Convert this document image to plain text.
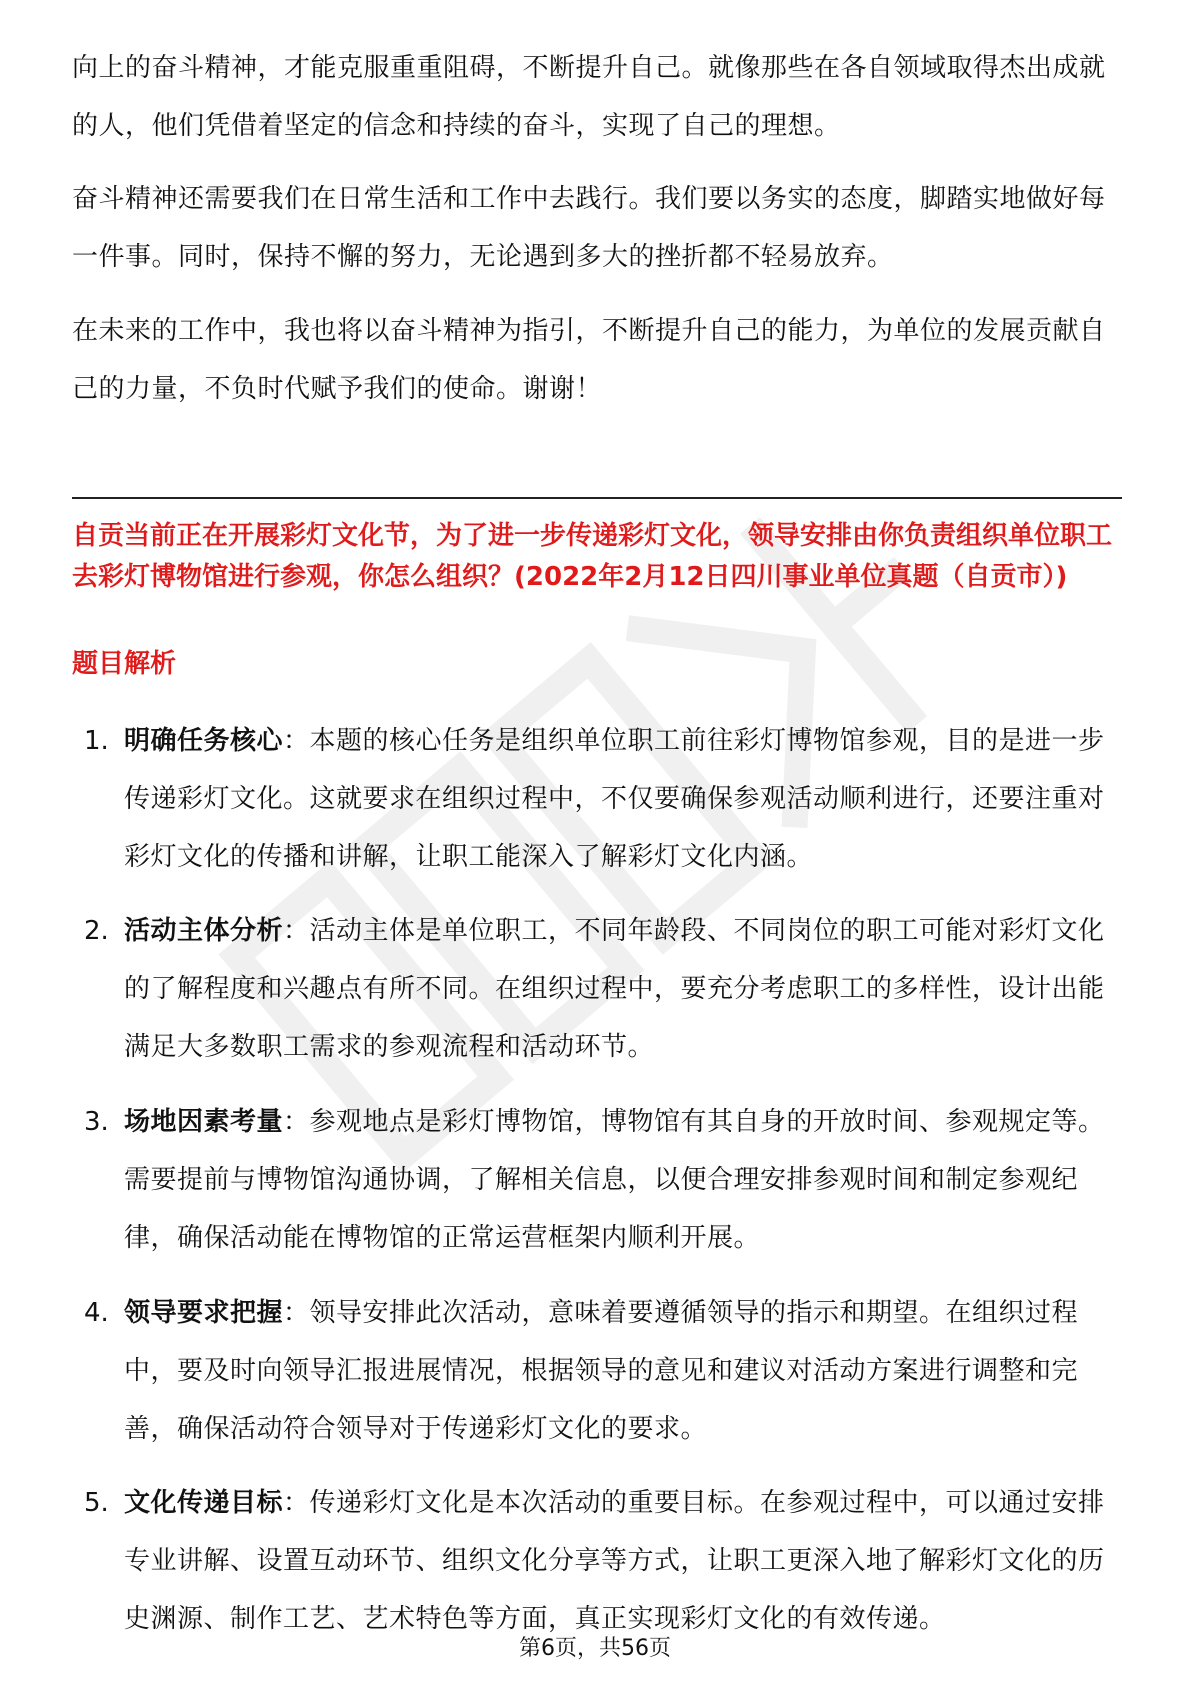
向上的奋斗精神，才能克服重重阻碍，不断提升自己。就像那些在各自领域取得杰出成就的人，他们凭借着坚定的信念和持续的奋斗，实现了自己的理想。

奋斗精神还需要我们在日常生活和工作中去践行。我们要以务实的态度，脚踏实地做好每一件事。同时，保持不懈的努力，无论遇到多大的挫折都不轻易放弃。

在未来的工作中，我也将以奋斗精神为指引，不断提升自己的能力，为单位的发展贡献自己的力量，不负时代赋予我们的使命。谢谢！

自贡当前正在开展彩灯文化节，为了进一步传递彩灯文化，领导安排由你负责组织单位职工去彩灯博物馆进行参观，你怎么组织？(2022年2月12日四川事业单位真题（自贡市）)

题目解析

1. 明确任务核心：本题的核心任务是组织单位职工前往彩灯博物馆参观，目的是进一步传递彩灯文化。这就要求在组织过程中，不仅要确保参观活动顺利进行，还要注重对彩灯文化的传播和讲解，让职工能深入了解彩灯文化内涵。

2. 活动主体分析：活动主体是单位职工，不同年龄段、不同岗位的职工可能对彩灯文化的了解程度和兴趣点有所不同。在组织过程中，要充分考虑职工的多样性，设计出能满足大多数职工需求的参观流程和活动环节。

3. 场地因素考量：参观地点是彩灯博物馆，博物馆有其自身的开放时间、参观规定等。需要提前与博物馆沟通协调，了解相关信息，以便合理安排参观时间和制定参观纪律，确保活动能在博物馆的正常运营框架内顺利开展。

4. 领导要求把握：领导安排此次活动，意味着要遵循领导的指示和期望。在组织过程中，要及时向领导汇报进展情况，根据领导的意见和建议对活动方案进行调整和完善，确保活动符合领导对于传递彩灯文化的要求。

5. 文化传递目标：传递彩灯文化是本次活动的重要目标。在参观过程中，可以通过安排专业讲解、设置互动环节、组织文化分享等方式，让职工更深入地了解彩灯文化的历史渊源、制作工艺、艺术特色等方面，真正实现彩灯文化的有效传递。

第6页，共56页
